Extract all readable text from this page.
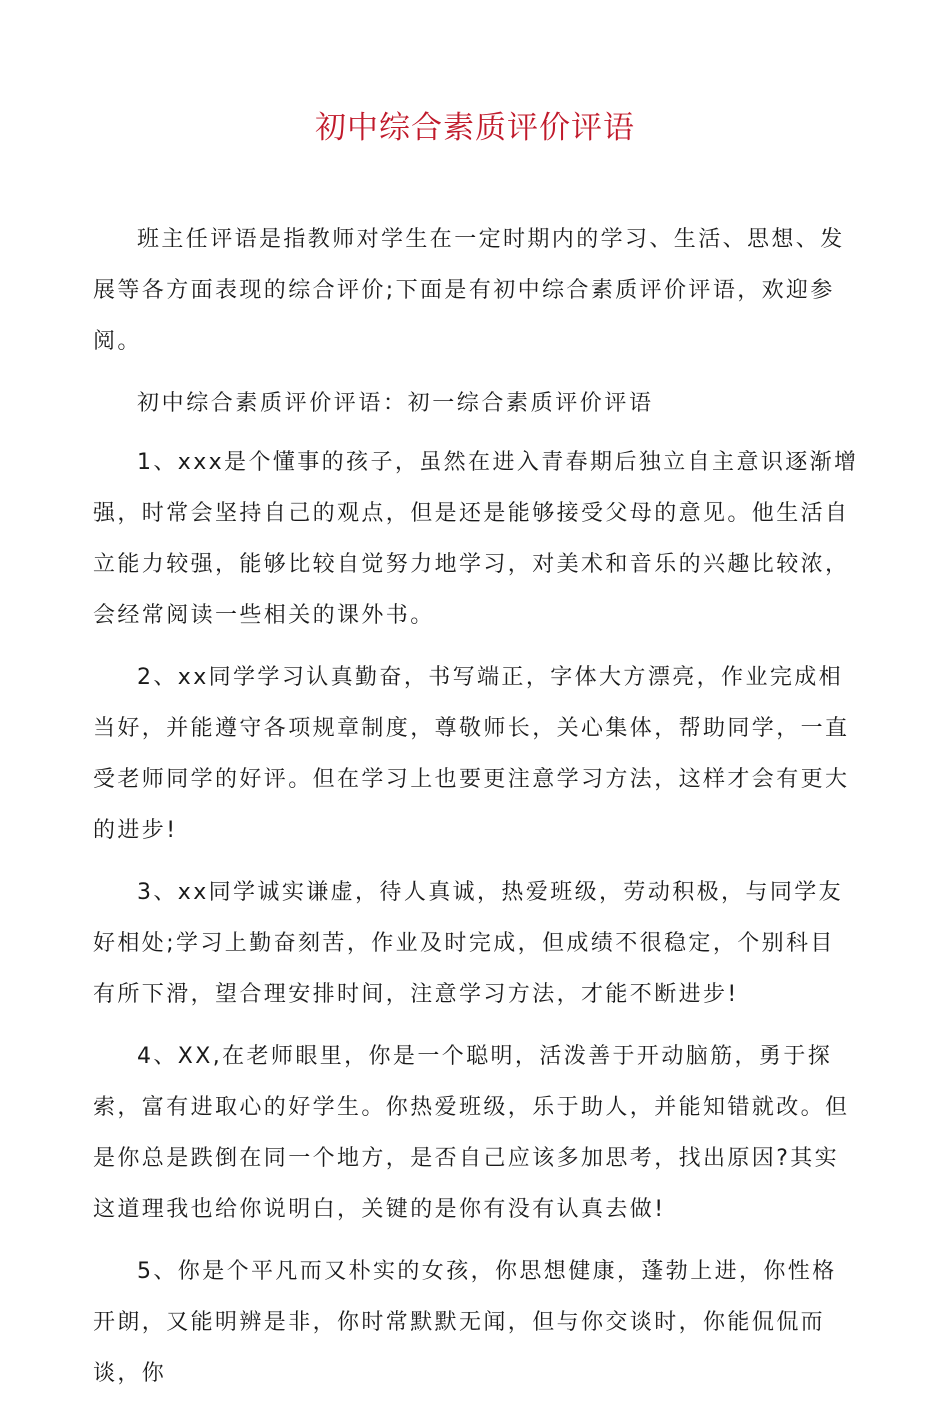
初中综合素质评价评语

班主任评语是指教师对学生在一定时期内的学习、生活、思想、发展等各方面表现的综合评价;下面是有初中综合素质评价评语，欢迎参阅。

初中综合素质评价评语：初一综合素质评价评语

1、xxx是个懂事的孩子，虽然在进入青春期后独立自主意识逐渐增强，时常会坚持自己的观点，但是还是能够接受父母的意见。他生活自立能力较强，能够比较自觉努力地学习，对美术和音乐的兴趣比较浓，会经常阅读一些相关的课外书。

2、xx同学学习认真勤奋，书写端正，字体大方漂亮，作业完成相当好，并能遵守各项规章制度，尊敬师长，关心集体，帮助同学，一直受老师同学的好评。但在学习上也要更注意学习方法，这样才会有更大的进步!

3、xx同学诚实谦虚，待人真诚，热爱班级，劳动积极，与同学友好相处;学习上勤奋刻苦，作业及时完成，但成绩不很稳定，个别科目有所下滑，望合理安排时间，注意学习方法，才能不断进步!

4、XX,在老师眼里，你是一个聪明，活泼善于开动脑筋，勇于探索，富有进取心的好学生。你热爱班级，乐于助人，并能知错就改。但是你总是跌倒在同一个地方，是否自己应该多加思考，找出原因?其实这道理我也给你说明白，关键的是你有没有认真去做!

5、你是个平凡而又朴实的女孩，你思想健康，蓬勃上进，你性格开朗，又能明辨是非，你时常默默无闻，但与你交谈时，你能侃侃而谈，你
